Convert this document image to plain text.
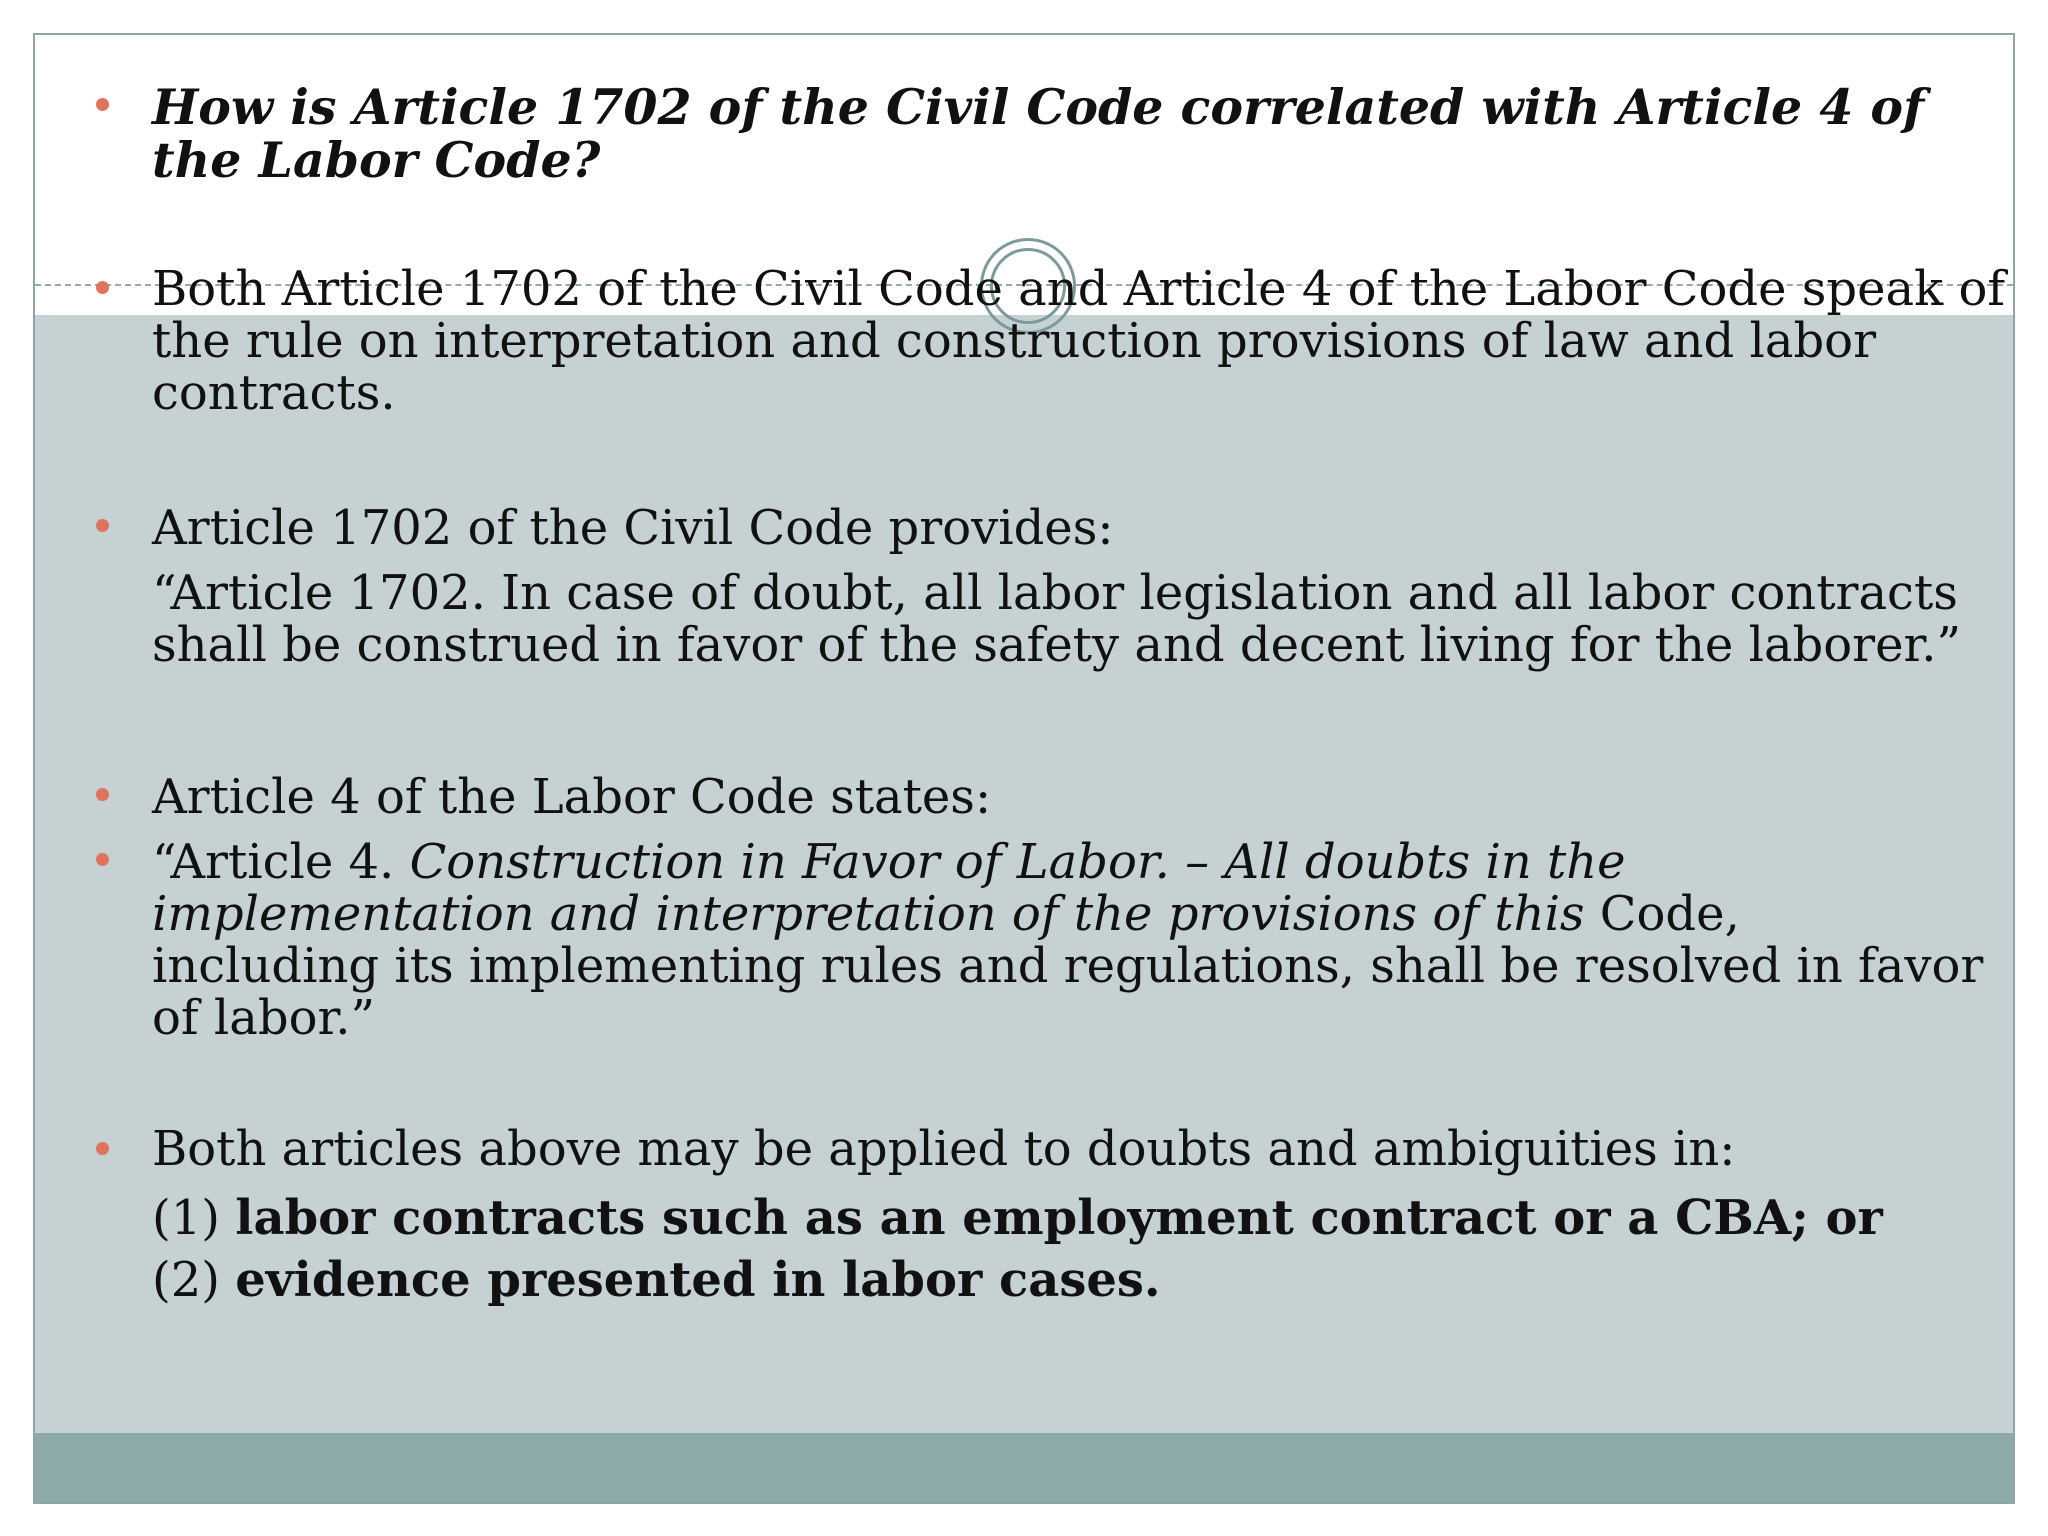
How is Article 1702 of the Civil Code correlated with Article 4 of
the Labor Code?
Both Article 1702 of the Civil Code and Article 4 of the Labor Code speak of
the rule on interpretation and construction provisions of law and labor
contracts.
Article 1702 of the Civil Code provides:
“Article 1702. In case of doubt, all labor legislation and all labor contracts
shall be construed in favor of the safety and decent living for the laborer.”
Article 4 of the Labor Code states:
“Article 4. Construction in Favor of Labor. – All doubts in the
implementation and interpretation of the provisions of this Code,
including its implementing rules and regulations, shall be resolved in favor
of labor.”
Both articles above may be applied to doubts and ambiguities in:
(1) labor contracts such as an employment contract or a CBA; or
(2) evidence presented in labor cases.
